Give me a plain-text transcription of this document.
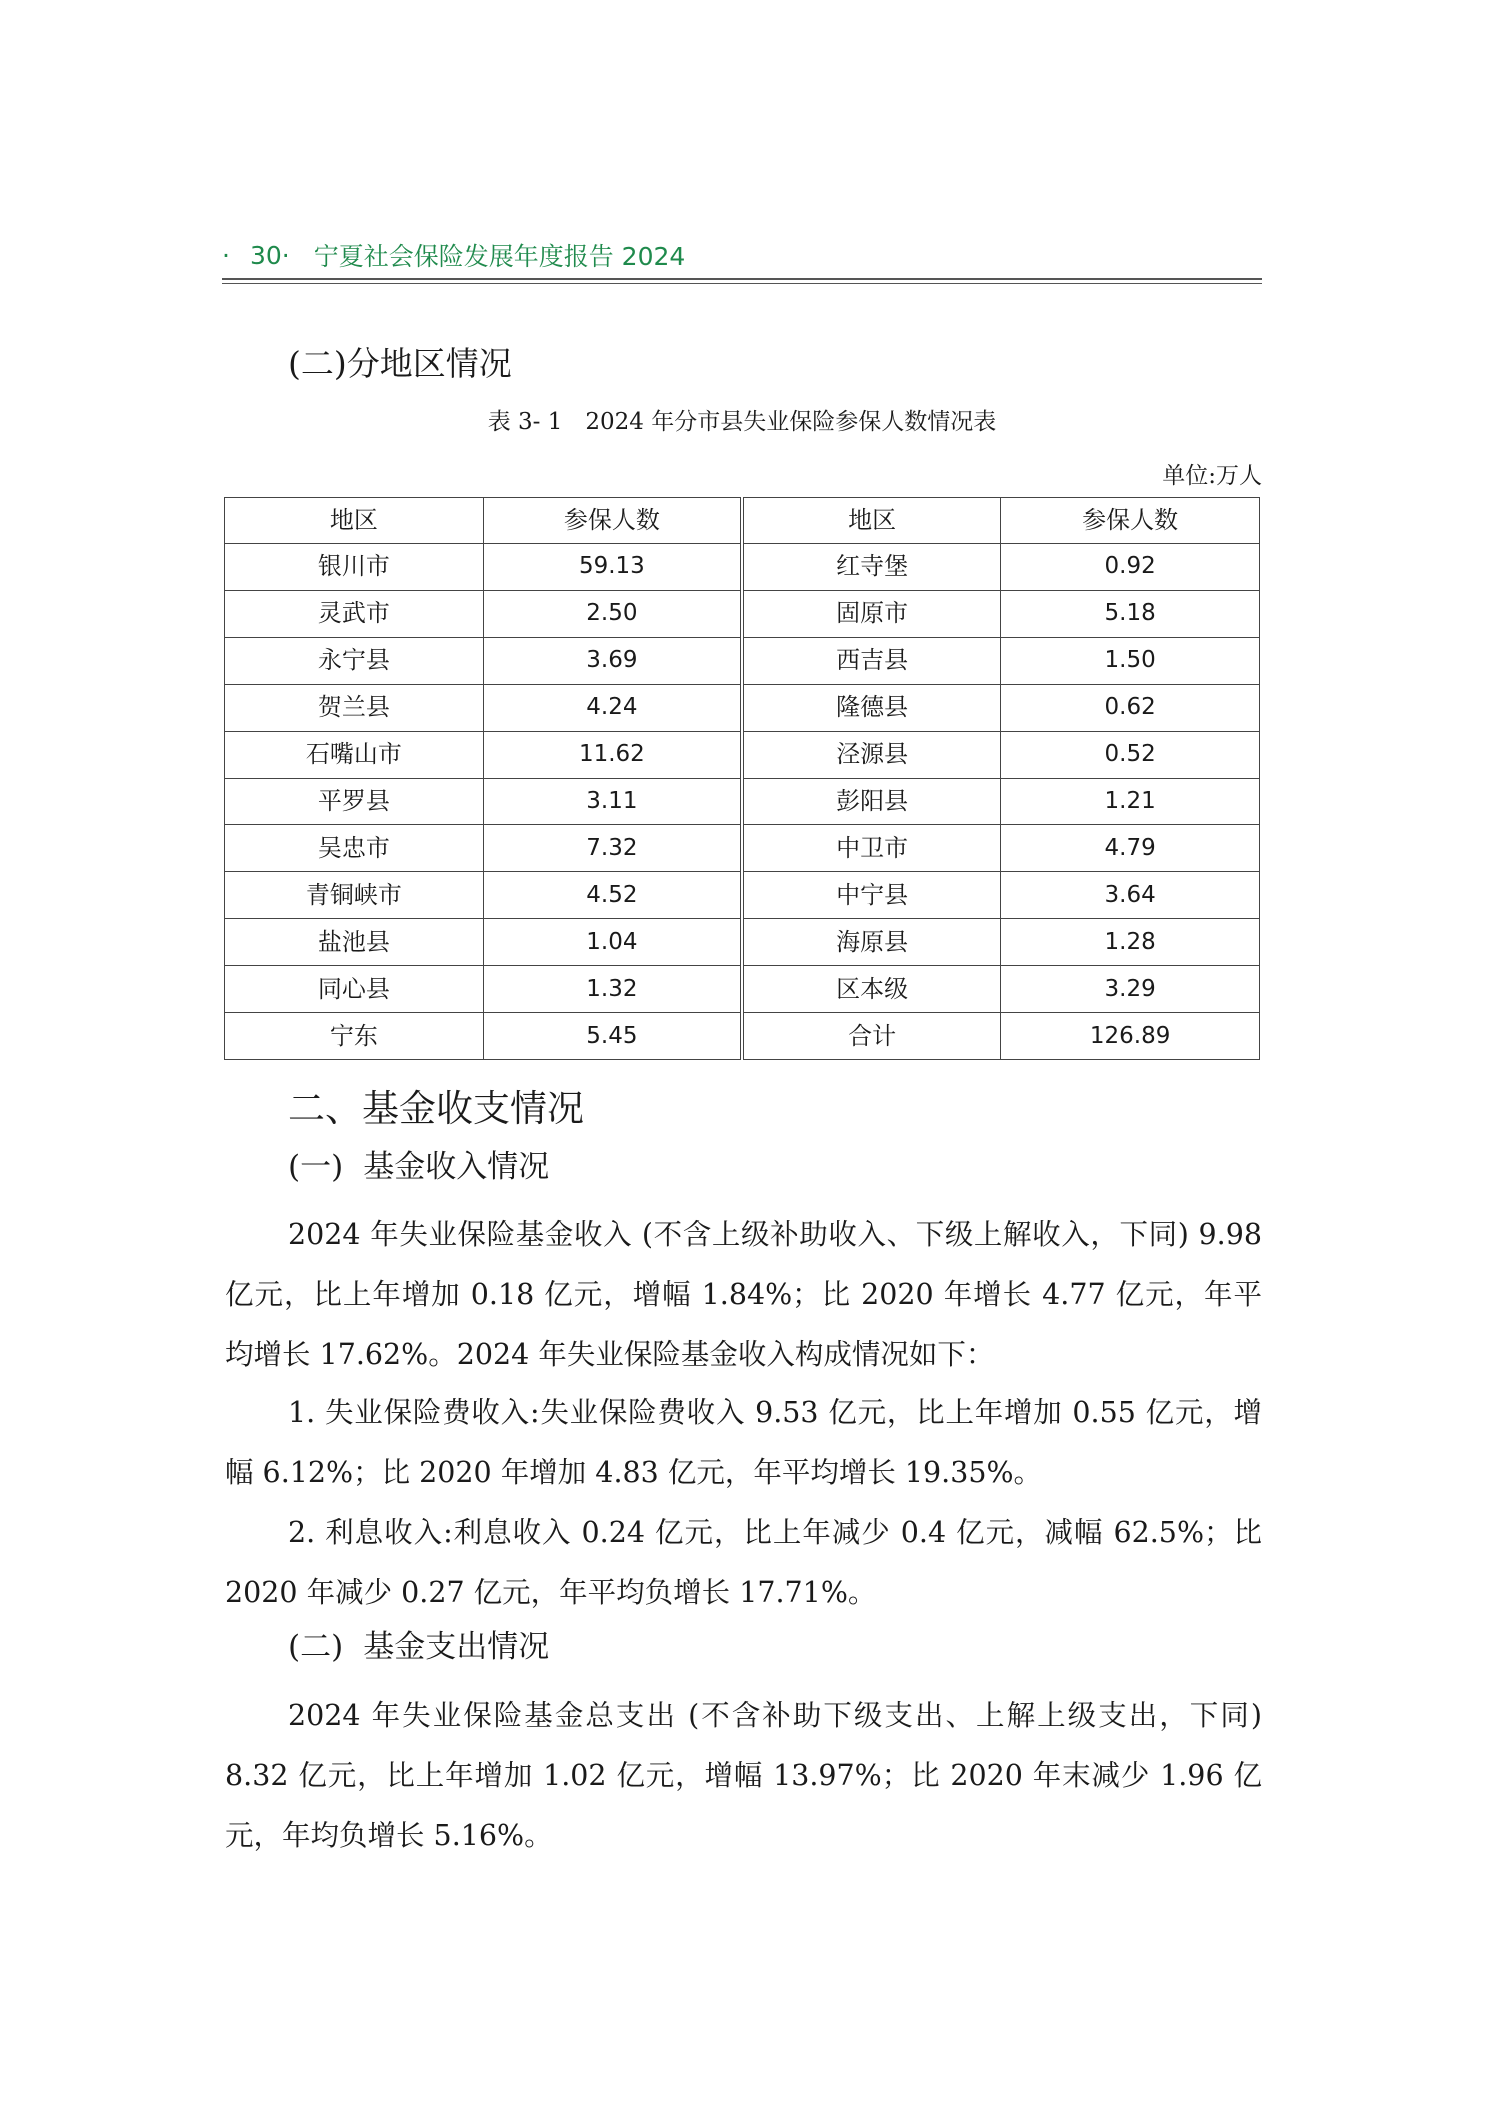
· 30· 宁夏社会保险发展年度报告 2024
(二)分地区情况
表 3- 1　2024 年分市县失业保险参保人数情况表
单位:万人
地区	参保人数	地区	参保人数
银川市	59.13	红寺堡	0.92
灵武市	2.50	固原市	5.18
永宁县	3.69	西吉县	1.50
贺兰县	4.24	隆德县	0.62
石嘴山市	11.62	泾源县	0.52
平罗县	3.11	彭阳县	1.21
吴忠市	7.32	中卫市	4.79
青铜峡市	4.52	中宁县	3.64
盐池县	1.04	海原县	1.28
同心县	1.32	区本级	3.29
宁东	5.45	合计	126.89
二、基金收支情况
(一) 基金收入情况

2024 年失业保险基金收入 (不含上级补助收入、下级上解收入，下同) 9.98 亿元，比上年增加 0.18 亿元，增幅 1.84%；比 2020 年增长 4.77 亿元，年平均增长 17.62%。2024 年失业保险基金收入构成情况如下：

1. 失业保险费收入:失业保险费收入 9.53 亿元，比上年增加 0.55 亿元，增幅 6.12%；比 2020 年增加 4.83 亿元，年平均增长 19.35%。

2. 利息收入:利息收入 0.24 亿元，比上年减少 0.4 亿元，减幅 62.5%；比 2020 年减少 0.27 亿元，年平均负增长 17.71%。

(二) 基金支出情况

2024 年失业保险基金总支出 (不含补助下级支出、上解上级支出，下同) 8.32 亿元，比上年增加 1.02 亿元，增幅 13.97%；比 2020 年末减少 1.96 亿元，年均负增长 5.16%。
